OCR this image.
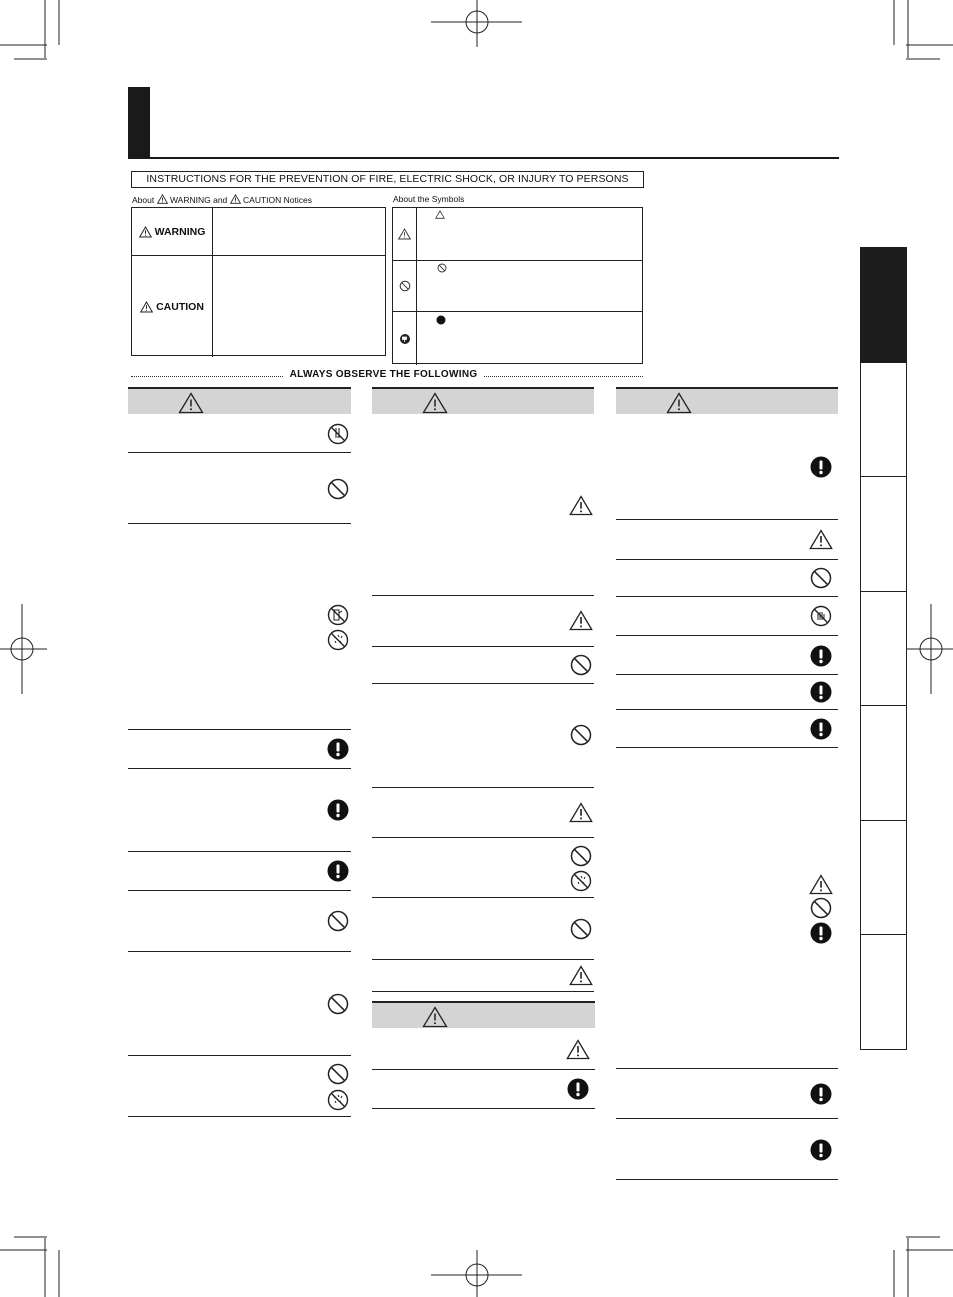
INSTRUCTIONS FOR THE PREVENTION OF FIRE, ELECTRIC SHOCK, OR INJURY TO PERSONS
About WARNING and CAUTION Notices
WARNING
CAUTION
About the Symbols
ALWAYS OBSERVE THE FOLLOWING
